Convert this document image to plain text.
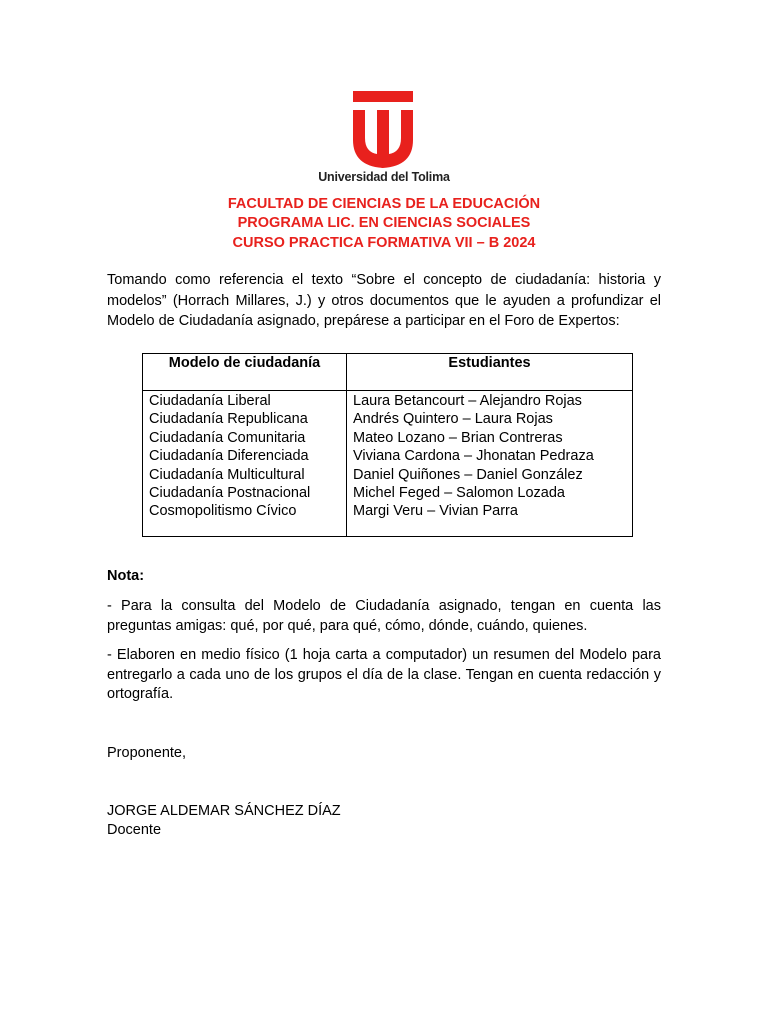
Universidad del Tolima
FACULTAD DE CIENCIAS DE LA EDUCACIÓN
PROGRAMA LIC. EN CIENCIAS SOCIALES
CURSO PRACTICA FORMATIVA VII – B 2024
Tomando como referencia el texto “Sobre el concepto de ciudadanía: historia y modelos” (Horrach Millares, J.) y otros documentos que le ayuden a profundizar el Modelo de Ciudadanía asignado, prepárese a participar en el Foro de Expertos:
Modelo de ciudadanía	Estudiantes
Ciudadanía Liberal	Laura Betancourt – Alejandro Rojas
Ciudadanía Republicana	Andrés Quintero – Laura Rojas
Ciudadanía Comunitaria	Mateo Lozano – Brian Contreras
Ciudadanía Diferenciada	Viviana Cardona – Jhonatan Pedraza
Ciudadanía Multicultural	Daniel Quiñones – Daniel González
Ciudadanía Postnacional	Michel Feged – Salomon Lozada
Cosmopolitismo Cívico	Margi Veru – Vivian Parra
Nota:
- Para la consulta del Modelo de Ciudadanía asignado, tengan en cuenta las preguntas amigas: qué, por qué, para qué, cómo, dónde, cuándo, quienes.
- Elaboren en medio físico (1 hoja carta a computador) un resumen del Modelo para entregarlo a cada uno de los grupos el día de la clase. Tengan en cuenta redacción y ortografía.
Proponente,
JORGE ALDEMAR SÁNCHEZ DÍAZ
Docente
